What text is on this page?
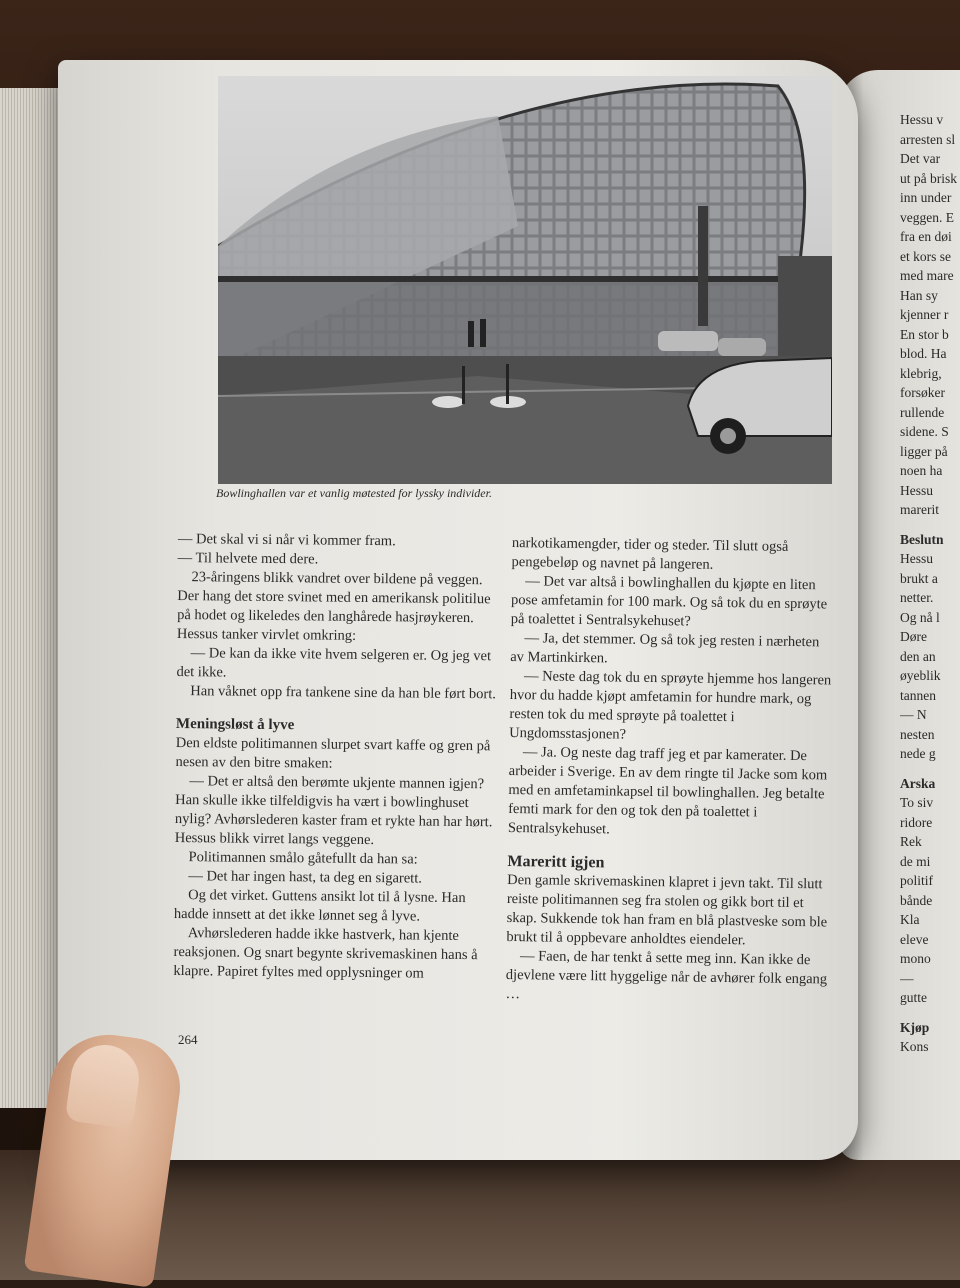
Bowlinghallen var et vanlig møtested for lyssky individer.

— Det skal vi si når vi kommer fram.

— Til helvete med dere.

23-åringens blikk vandret over bildene på veggen. Der hang det store svinet med en amerikansk politilue på hodet og likeledes den langhårede hasjrøykeren. Hessus tanker virvlet omkring:

— De kan da ikke vite hvem selgeren er. Og jeg vet det ikke.

Han våknet opp fra tankene sine da han ble ført bort.

Meningsløst å lyve

Den eldste politimannen slurpet svart kaffe og gren på nesen av den bitre smaken:

— Det er altså den berømte ukjente mannen igjen? Han skulle ikke tilfeldigvis ha vært i bowlinghuset nylig? Avhørslederen kaster fram et rykte han har hørt. Hessus blikk virret langs veggene.

Politimannen smålo gåtefullt da han sa:

— Det har ingen hast, ta deg en sigarett.

Og det virket. Guttens ansikt lot til å lysne. Han hadde innsett at det ikke lønnet seg å lyve.

Avhørslederen hadde ikke hastverk, han kjente reaksjonen. Og snart begynte skrivemaskinen hans å klapre. Papiret fyltes med opplysninger om

narkotikamengder, tider og steder. Til slutt også pengebeløp og navnet på langeren.

— Det var altså i bowlinghallen du kjøpte en liten pose amfetamin for 100 mark. Og så tok du en sprøyte på toalettet i Sentralsykehuset?

— Ja, det stemmer. Og så tok jeg resten i nærheten av Martinkirken.

— Neste dag tok du en sprøyte hjemme hos langeren hvor du hadde kjøpt amfetamin for hundre mark, og resten tok du med sprøyte på toalettet i Ungdomsstasjonen?

— Ja. Og neste dag traff jeg et par kamerater. De arbeider i Sverige. En av dem ringte til Jacke som kom med en amfetaminkapsel til bowlinghallen. Jeg betalte femti mark for den og tok den på toalettet i Sentralsykehuset.

Mareritt igjen

Den gamle skrivemaskinen klapret i jevn takt. Til slutt reiste politimannen seg fra stolen og gikk bort til et skap. Sukkende tok han fram en blå plastveske som ble brukt til å oppbevare anholdtes eiendeler.

— Faen, de har tenkt å sette meg inn. Kan ikke de djevlene være litt hyggelige når de avhører folk engang …

264
Hessu v
arresten sl
Det var
ut på brisk
inn under
veggen. E
fra en døi
et kors se
med mare
Han sy
kjenner r
En stor b
blod. Ha
klebrig,
forsøker
rullende
sidene. S
ligger på
noen ha
Hessu
marerit
Beslutn
Hessu
brukt a
netter.
Og nå l
Døre
den an
øyeblik
tannen
— N
nesten
nede g
Arska
To siv
ridore
Rek
de mi
politif
bånde
Kla
eleve
mono
—
gutte
Kjøp
Kons
